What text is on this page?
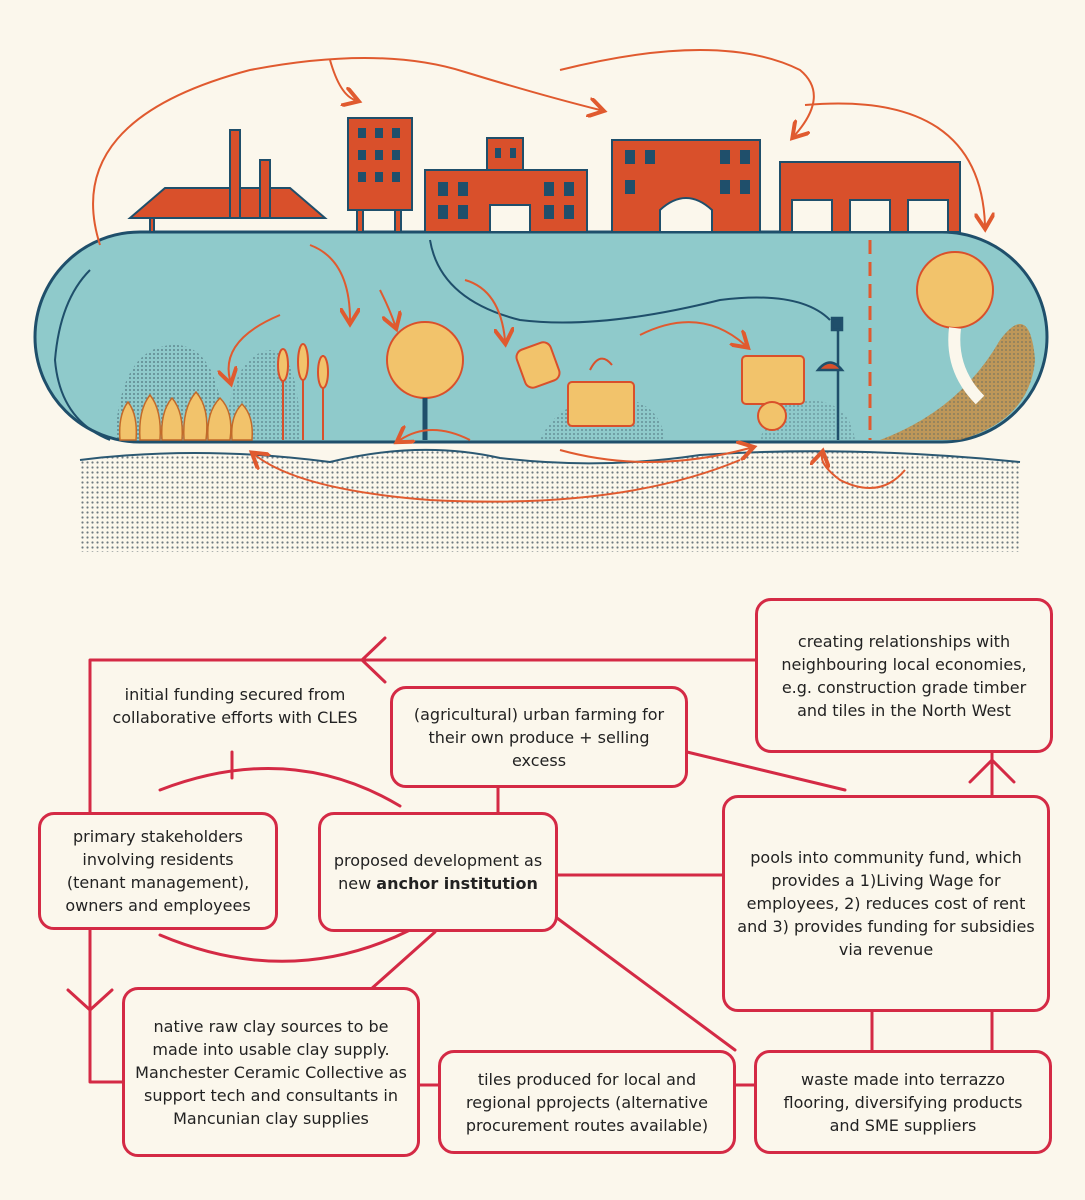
creating relationships with neighbouring local economies, e.g. construction grade timber and tiles in the North West
initial funding secured from collaborative efforts with CLES	(agricultural) urban farming for their own produce + selling excess
primary stakeholders involving residents (tenant management), owners and employees
proposed development as new anchor institution
pools into community fund, which provides a 1)Living Wage for employees, 2) reduces cost of rent and 3) provides funding for subsidies via revenue
native raw clay sources to be made into usable clay supply. Manchester Ceramic Collective as support tech and consultants in Mancunian clay supplies
tiles produced for local and regional pprojects (alternative procurement routes available)
waste made into terrazzo flooring, diversifying products and SME suppliers
